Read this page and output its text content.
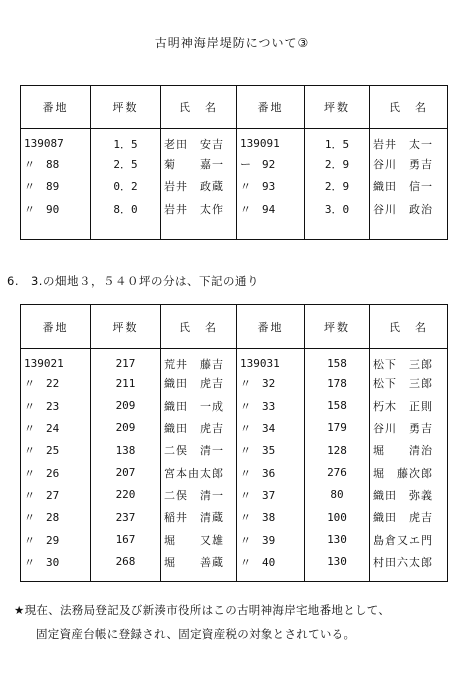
古明神海岸堤防について③
番地	坪数	氏　名	番地	坪数	氏　名
139087	1．5	老田　安吉	139091	1．5	岩井　太一
〃　88	2．5	菊　　嘉一	ー　92	2．9	谷川　勇吉
〃　89	0．2	岩井　政蔵	〃　93	2．9	織田　信一
〃　90	8．0	岩井　太作	〃　94	3．0	谷川　政治

6.　3.の畑地３，５４０坪の分は、下記の通り
番地	坪数	氏　名	番地	坪数	氏　名
139021	217	荒井　藤吉	139031	158	松下　三郎
〃　22	211	織田　虎吉	〃　32	178	松下　三郎
〃　23	209	織田　一成	〃　33	158	朽木　正則
〃　24	209	織田　虎吉	〃　34	179	谷川　勇吉
〃　25	138	二俣　清一	〃　35	128	堀　　清治
〃　26	207	宮本由太郎	〃　36	276	堀　藤次郎
〃　27	220	二俣　清一	〃　37	80	織田　弥義
〃　28	237	稲井　清蔵	〃　38	100	織田　虎吉
〃　29	167	堀　　又雄	〃　39	130	島倉又エ門
〃　30	268	堀　　善蔵	〃　40	130	村田六太郎

★現在、法務局登記及び新湊市役所はこの古明神海岸宅地番地として、
固定資産台帳に登録され、固定資産税の対象とされている。
